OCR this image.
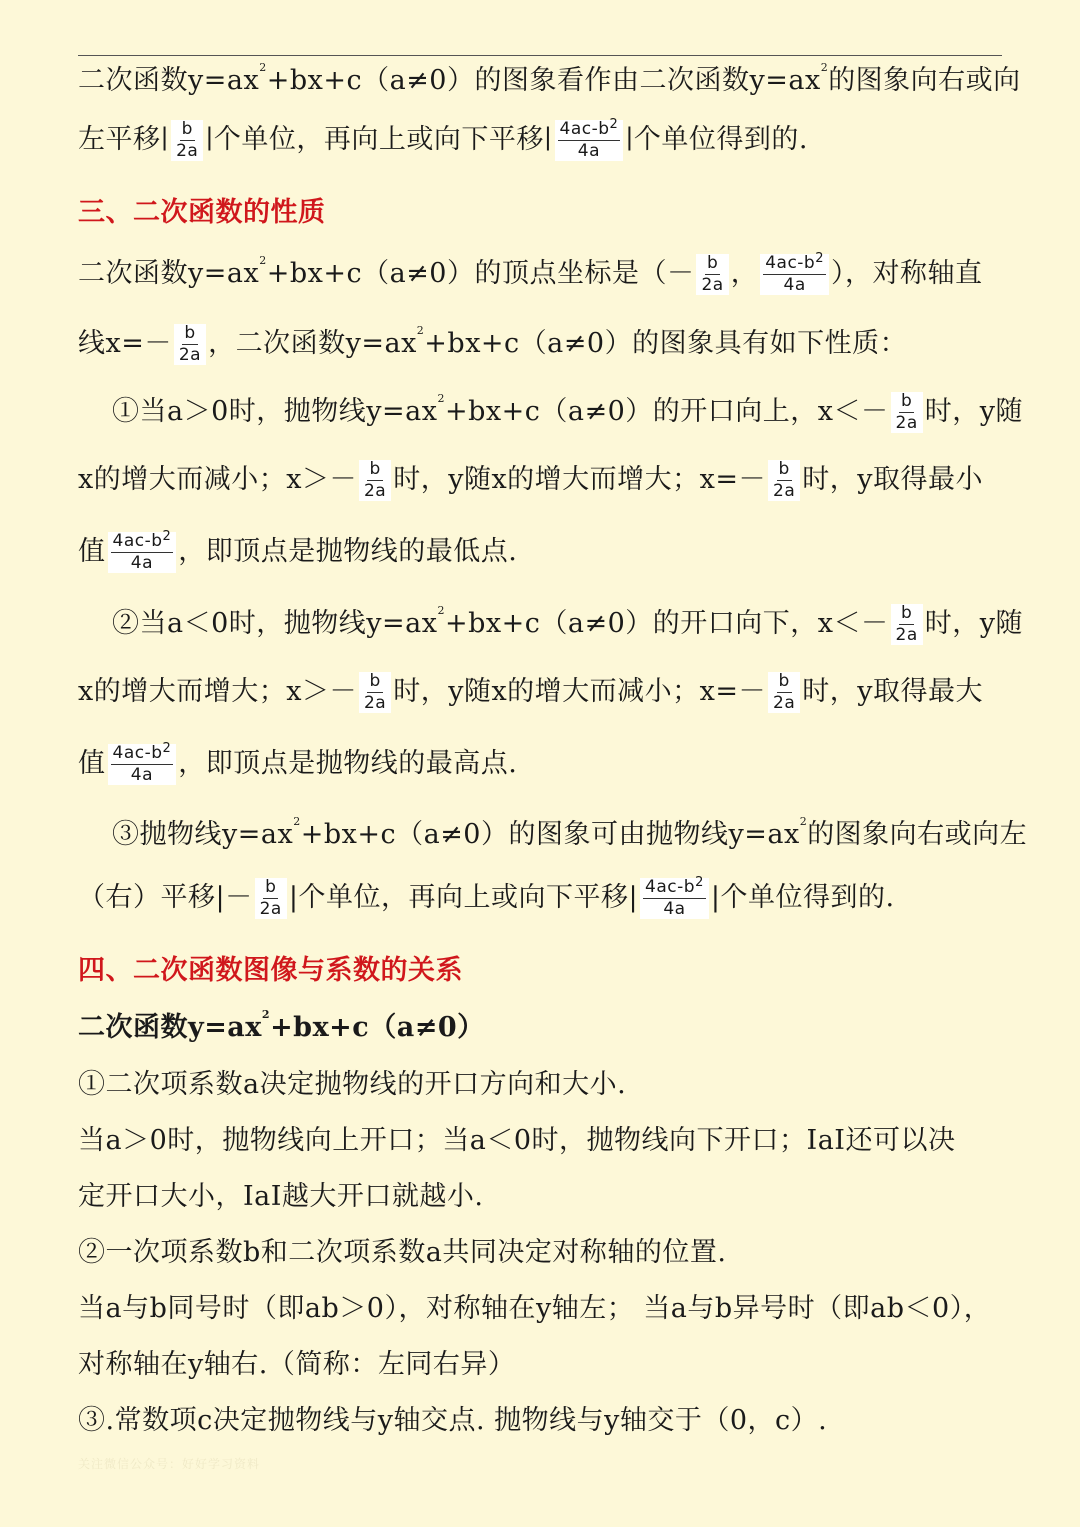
二次函数$y=ax^2 +bx+c(a\ne 0)$的图象看作由二次函数$y=ax^2$ 的图象向右或向
左平移 | $\frac{b}{2a}$ | 个单位，再向上或向下平移 | $\frac{4ac-b^2}{4a}$ | 个单位得到的.
三、二次函数的性质
二次函数$y=ax^2 +bx+c(a\ne 0)$的顶点坐标是（－ $\frac{b}{2a}$ ， $\frac{4ac-b^2}{4a}$ ），对称轴直
线$x=- \frac{b}{2a}$ ，二次函数$y=ax^2 +bx+c(a\ne 0)$的图象具有如下性质：
①当a＞0时，抛物线$y=ax^2 +bx+c(a\ne 0)$的开口向上，$x<- \frac{b}{2a}$ 时，y随
x的增大而减小；$x>- \frac{b}{2a}$ 时，y随x的增大而增大；$x=- \frac{b}{2a}$ 时，y取得最小
值 $\frac{4ac-b^2}{4a}$ ，即顶点是抛物线的最低点.
②当a＜0时，抛物线$y=ax^2 +bx+c(a\ne 0)$的开口向下，$x<- \frac{b}{2a}$ 时，y随
x的增大而增大；$x>- \frac{b}{2a}$ 时，y随x的增大而减小；$x=- \frac{b}{2a}$ 时，y取得最大
值 $\frac{4ac-b^2}{4a}$ ，即顶点是抛物线的最高点.
③抛物线$y=ax^2 +bx+c(a\ne 0)$的图象可由抛物线$y=ax^2$ 的图象向右或向左
（右）平移|－ $\frac{b}{2a}$ |个单位，再向上或向下平移| $\frac{4ac-b^2}{4a}$ |个单位得到的.
四、二次函数图像与系数的关系
二次函数$y=ax^2 +bx+c(a\ne 0)$
①二次项系数a决定抛物线的开口方向和大小.
当a＞0时，抛物线向上开口；当a＜0时，抛物线向下开口；IaI还可以决
定开口大小，IaI越大开口就越小.
②一次项系数b和二次项系数a共同决定对称轴的位置.
当a与b同号时（即ab＞0），对称轴在y轴左； 当a与b异号时（即ab＜0），
对称轴在y轴右.（简称：左同右异）
③.常数项c决定抛物线与y轴交点. 抛物线与y轴交于（0，c）.
关注微信公众号：好好学习资料
